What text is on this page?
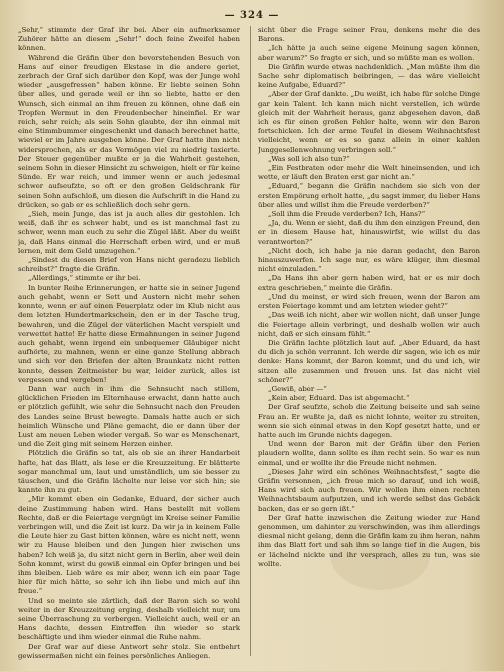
— 324 —

„Sehr,“ stimmte der Graf ihr bei. Aber ein aufmerksamer Zuhörer hätte an diesem „Sehr!“ doch feine Zweifel haben können.

Während die Gräfin über den bevorstehenden Besuch von Hans auf einer freudigen Ekstase in die andere geriet, zerbrach der Graf sich darüber den Kopf, was der Junge wohl wieder „ausgefressen“ haben könne. Er liebte seinen Sohn über alles, und gerade weil er ihn so liebte, hatte er den Wunsch, sich einmal an ihm freuen zu können, ohne daß ein Tropfen Wermut in den Freudenbecher hineinfiel. Er war reich, sehr reich; als sein Sohn glaubte, der ihn einmal mit eine Stimmbummer eingeschenkt und danach berechnet hatte, wieviel er im Jahre ausgeben könne. Der Graf hatte ihm nicht widersprochen, als er das Vermögen viel zu niedrig taxierte. Der Steuer gegenüber mußte er ja die Wahrheit gestehen, seinem Sohn in dieser Hinsicht zu schweigen, hielt er für keine Sünde. Er war reich, und immer wenn er auch jedesmal schwer aufseufzte, so oft er den großen Geldschrank für seinen Sohn aufschloß, um diesen die Aufschrift in die Hand zu drücken, so gab er es schließlich doch sehr gern.

„Sieh, mein Junge, das ist ja auch alles dir gestohlen. Ich weiß, daß ihr es schwer habt, und es ist manchmal fast zu schwer, wenn man euch zu sehr die Zügel läßt. Aber du weißt ja, daß Hans einmal die Herrschaft erben wird, und er muß lernen, mit dem Geld umzugehen.“

„Sindest du diesen Brief von Hans nicht geradezu lieblich schreibst?“ fragte die Gräfin.

„Allerdings,“ stimmte er ihr bei.

In bunter Reihe Erinnerungen, er hatte sie in seiner Jugend auch gehabt, wenn er Sett und Austern nicht mehr sehen konnte, wenn er auf einen Feuerplatz oder im Klub nicht aus dem letzten Hundertmarkschein, den er in der Tasche trug, bewahren, und die Zügel der väterlichen Macht verspielt und verwettet hatte! Er hatte diese Ermahnungen in seiner Jugend auch gehabt, wenn irgend ein unbequemer Gläubiger nicht aufhörte, zu mahnen, wenn er eine ganze Stellung abbrach und sich vor den Briefen der alten Braunkatz nicht retten konnte, dessen Zeitmeister bu war, leider zurück, alles ist vergessen und vergeben!

Dann war auch in ihm die Sehnsucht nach stillem, glücklichen Frieden im Elternhause erwacht, dann hatte auch er plötzlich gefühlt, wie sehr die Sehnsucht nach den Freuden des Landes seine Brust bewegte. Damals hatte auch er sich heimlich Wünsche und Pläne gemacht, die er dann über der Lust am neuen Leben wieder vergaß. So war es Menschenart, und die Zeit ging mit seinem Herzen einher.

Plötzlich die Gräfin so tat, als ob sie an ihrer Handarbeit hafte, hat das Blatt, als lese er die Kreuzzeitung. Er blätterte sogar manchmal um, laut und umständlich, um sie besser zu täuschen, und die Gräfin lächelte nur leise vor sich hin; sie kannte ihn zu gut.

„Mir kommt eben ein Gedanke, Eduard, der sicher auch deine Zustimmung haben wird. Hans bestellt mit vollem Rechte, daß er die Feiertage vergnügt im Kreise seiner Familie verbringen will, und die Zeit ist kurz. Da wir ja in keinem Falle die Leute hier zu Gast bitten können, wäre es nicht nett, wenn wir zu Hause bleiben und den Jungen hier zwischen uns haben? Ich weiß ja, du sitzt nicht gern in Berlin, aber weil dein Sohn kommt, wirst du gewiß einmal ein Opfer bringen und bei ihm bleiben. Lieb wäre es mir aber, wenn ich ein paar Tage hier für mich hätte, so sehr ich ihn liebe und mich auf ihn freue.“

Und so meinte sie zärtlich, daß der Baron sich so wohl weiter in der Kreuzzeitung erging, deshalb vielleicht nur, um seine Überraschung zu verbergen. Vielleicht auch, weil er an Hans dachte, dessen Eintreffen ihn wieder so stark beschäftigte und ihm wieder einmal die Ruhe nahm.

Der Graf war auf diese Antwort sehr stolz. Sie entbehrt gewissermaßen nicht ein feines persönliches Anliegen.

sicht über die Frage seiner Frau, denkens mehr die des Barons.

„Ich hätte ja auch seine eigene Meinung sagen können, aber warum?“ So fragte er sich, und so müßte man es wollen.

Die Gräfin wurde etwas nachdenklich. „Man müßte ihm die Sache sehr diplomatisch beibringen, — das wäre vielleicht keine Aufgabe, Eduard?“

„Aber der Graf dankte. „Du weißt, ich habe für solche Dinge gar kein Talent. Ich kann mich nicht verstellen, ich würde gleich mit der Wahrheit heraus, ganz abgesehen davon, daß ich es für einen großen Fehler halte, wenn wir den Baron fortschicken. Ich der arme Teufel in diesem Weihnachtsfest vielleicht, wenn er es so ganz allein in einer kahlen Junggesellenwohnung verbringen soll.“

„Was soll ich also tun?“

„Ein Festbraten oder mehr die Welt hineinsenden, und ich wette, er läuft den Braten erst gar nicht an.“

„Eduard,“ begann die Gräfin nachdem sie sich von der ersten Empörung erholt hatte, „du sagst immer, du lieber Hans über alles und willst ihm die Freude verderben?“

„Soll ihm die Freude verderben? Ich, Hans?“

„Ja, du. Wenn er sieht, daß du ihm den einzigen Freund, den er in diesem Hause hat, hinauswirfst, wie willst du das verantworten?“

„Nicht doch, ich habe ja nie daran gedacht, den Baron hinauszuwerfen. Ich sage nur, es wäre klüger, ihm diesmal nicht einzuladen.“

„Da Hans ihn aber gern haben wird, hat er es mir doch extra geschrieben,“ meinte die Gräfin.

„Und du meinst, er wird sich freuen, wenn der Baron am ersten Feiertage kommt und am letzten wieder geht?“

„Das weiß ich nicht, aber wir wollen nicht, daß unser Junge die Feiertage allein verbringt, und deshalb wollen wir auch nicht, daß er sich einsam fühlt.“

Die Gräfin lachte plötzlich laut auf. „Aber Eduard, da hast du dich ja schön verrannt. Ich werde dir sagen, wie ich es mir denke: Hans kommt, der Baron kommt, und du und ich, wir sitzen alle zusammen und freuen uns. Ist das nicht viel schöner?“

„Gewiß, aber —“

„Kein aber, Eduard. Das ist abgemacht.“

Der Graf seufzte, schob die Zeitung beiseite und sah seine Frau an. Er wußte ja, daß es nicht lohnte, weiter zu streiten, wenn sie sich einmal etwas in den Kopf gesetzt hatte, und er hatte auch im Grunde nichts dagegen.

Und wenn der Baron mit der Gräfin über den Ferien plaudern wollte, dann sollte es ihm recht sein. So war es nun einmal, und er wollte ihr die Freude nicht nehmen.

„Dieses Jahr wird ein schönes Weihnachtsfest,“ sagte die Gräfin versonnen, „ich freue mich so darauf, und ich weiß, Hans wird sich auch freuen. Wir wollen ihm einen rechten Weihnachtsbaum aufputzen, und ich werde selbst das Gebäck backen, das er so gern ißt.“

Der Graf hatte inzwischen die Zeitung wieder zur Hand genommen, um dahinter zu verschwinden, was ihm allerdings diesmal nicht gelang, denn die Gräfin kam zu ihm heran, nahm ihm das Blatt fort und sah ihm so lange tief in die Augen, bis er lächelnd nickte und ihr versprach, alles zu tun, was sie wollte.
